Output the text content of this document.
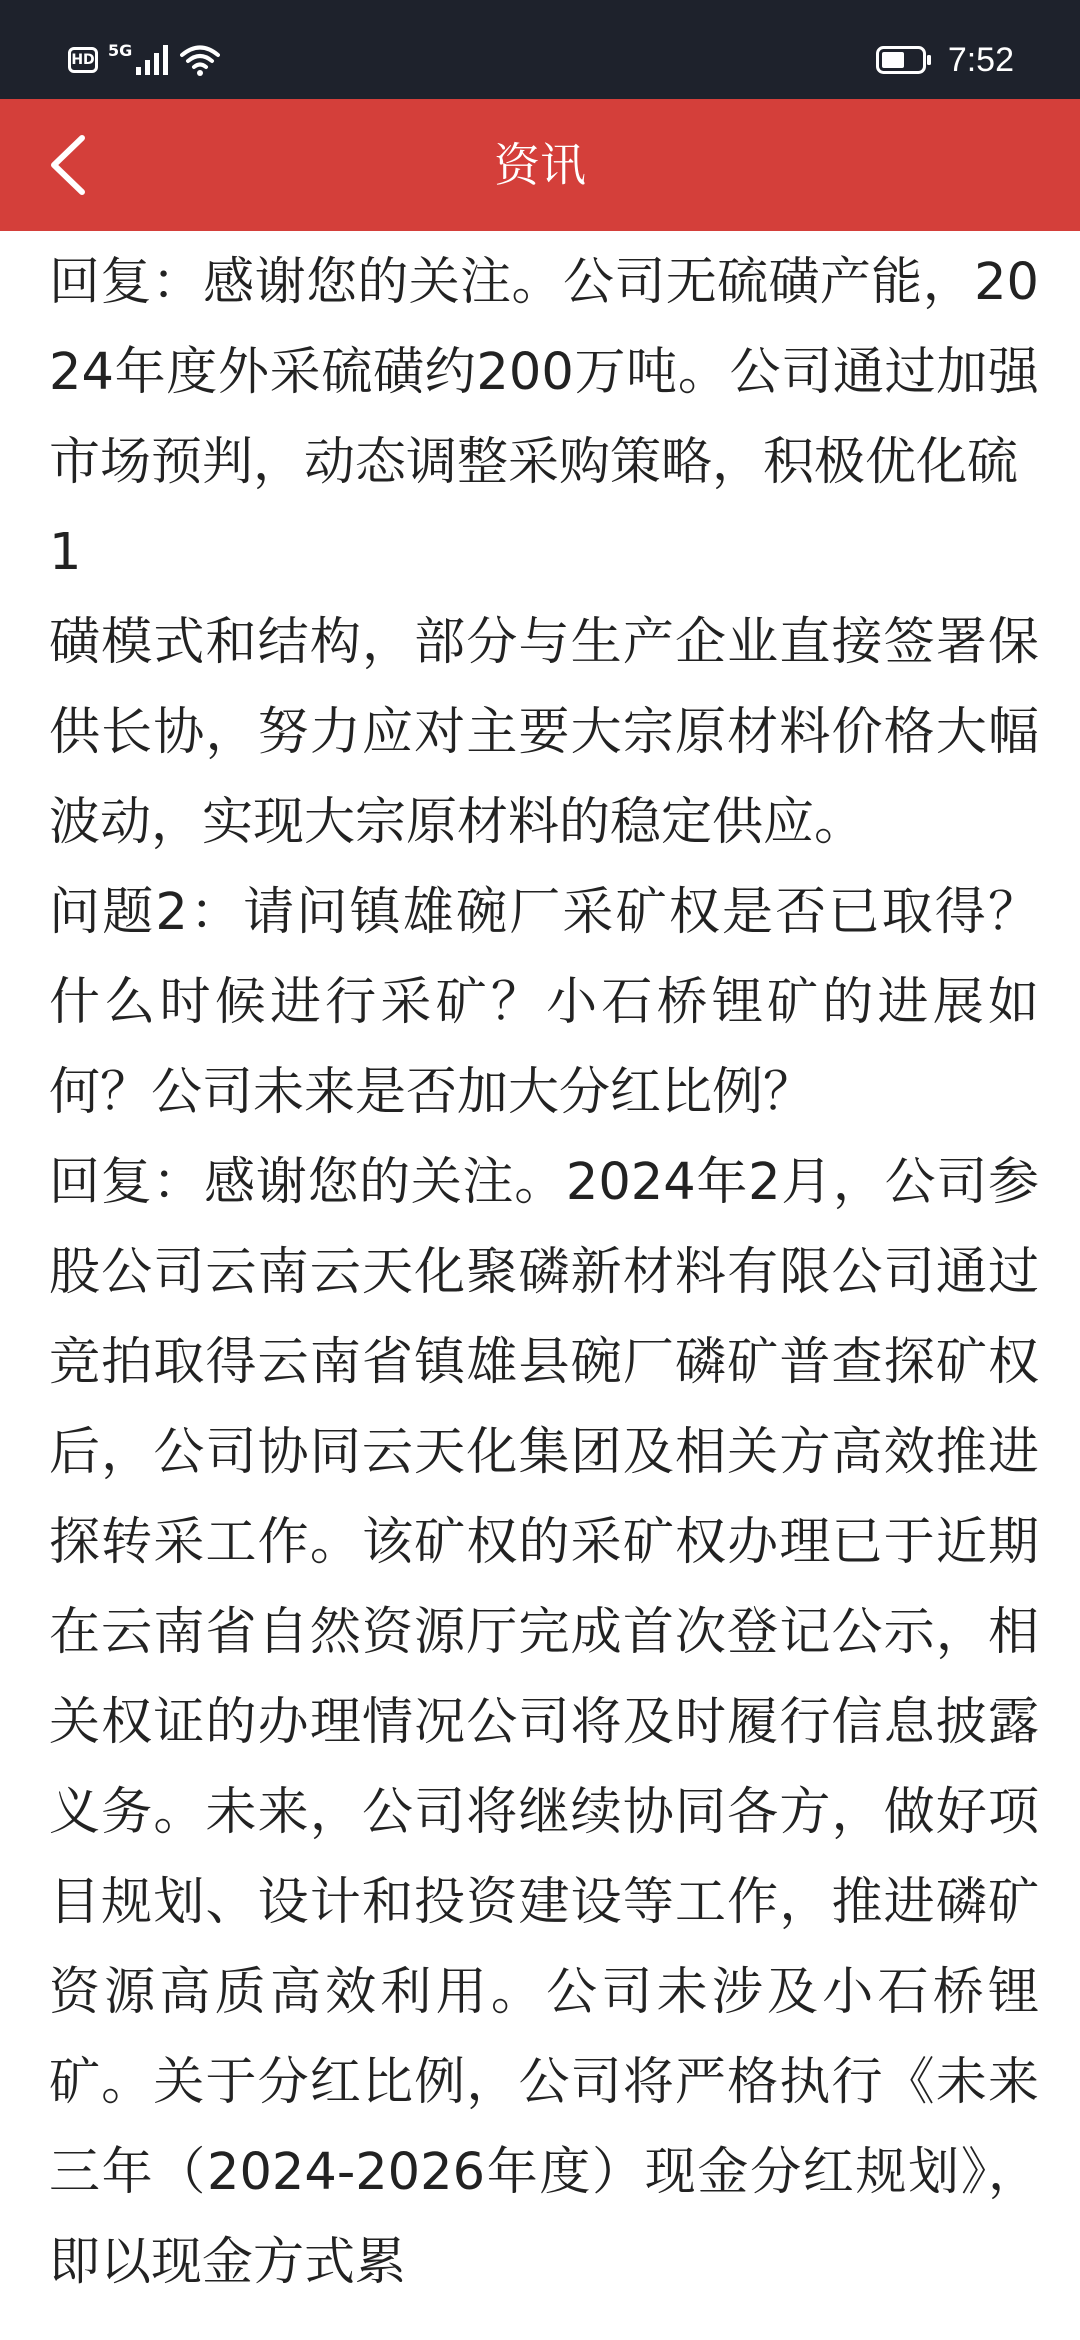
HD
5G	7:52
资讯

回复：感谢您的关注。公司无硫磺产能，2024年度外采硫磺约200万吨。公司通过加强市场预判，动态调整采购策略，积极优化硫

1

磺模式和结构，部分与生产企业直接签署保供长协，努力应对主要大宗原材料价格大幅波动，实现大宗原材料的稳定供应。

问题2：请问镇雄碗厂采矿权是否已取得？什么时候进行采矿？小石桥锂矿的进展如何？公司未来是否加大分红比例？

回复：感谢您的关注。2024年2月，公司参股公司云南云天化聚磷新材料有限公司通过竞拍取得云南省镇雄县碗厂磷矿普查探矿权后，公司协同云天化集团及相关方高效推进探转采工作。该矿权的采矿权办理已于近期在云南省自然资源厅完成首次登记公示，相关权证的办理情况公司将及时履行信息披露义务。未来，公司将继续协同各方，做好项目规划、设计和投资建设等工作，推进磷矿资源高质高效利用。公司未涉及小石桥锂矿。关于分红比例，公司将严格执行《未来三年（2024-2026年度）现金分红规划》，即以现金方式累
